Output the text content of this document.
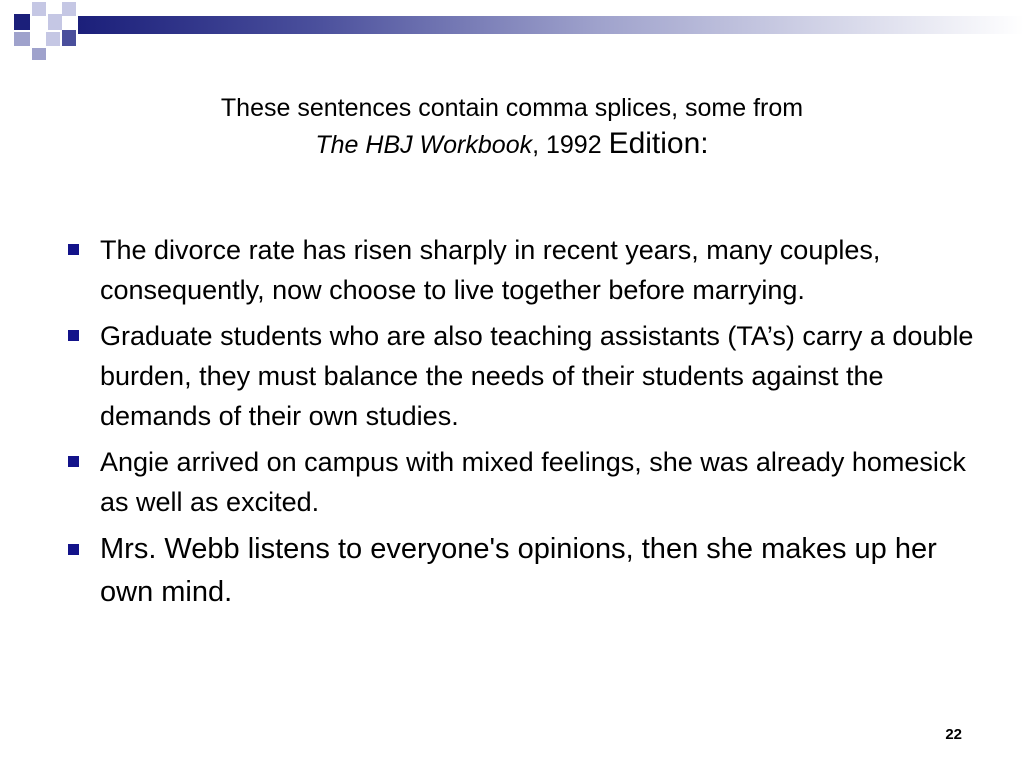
These sentences contain comma splices, some from
The HBJ Workbook, 1992 Edition:
The divorce rate has risen sharply in recent years, many couples, consequently, now choose to live together before marrying.
Graduate students who are also teaching assistants (TA’s) carry a double burden, they must balance the needs of their students against the demands of their own studies.
Angie arrived on campus with mixed feelings, she was already homesick as well as excited.
Mrs. Webb listens to everyone's opinions, then she makes up her own mind.
22
